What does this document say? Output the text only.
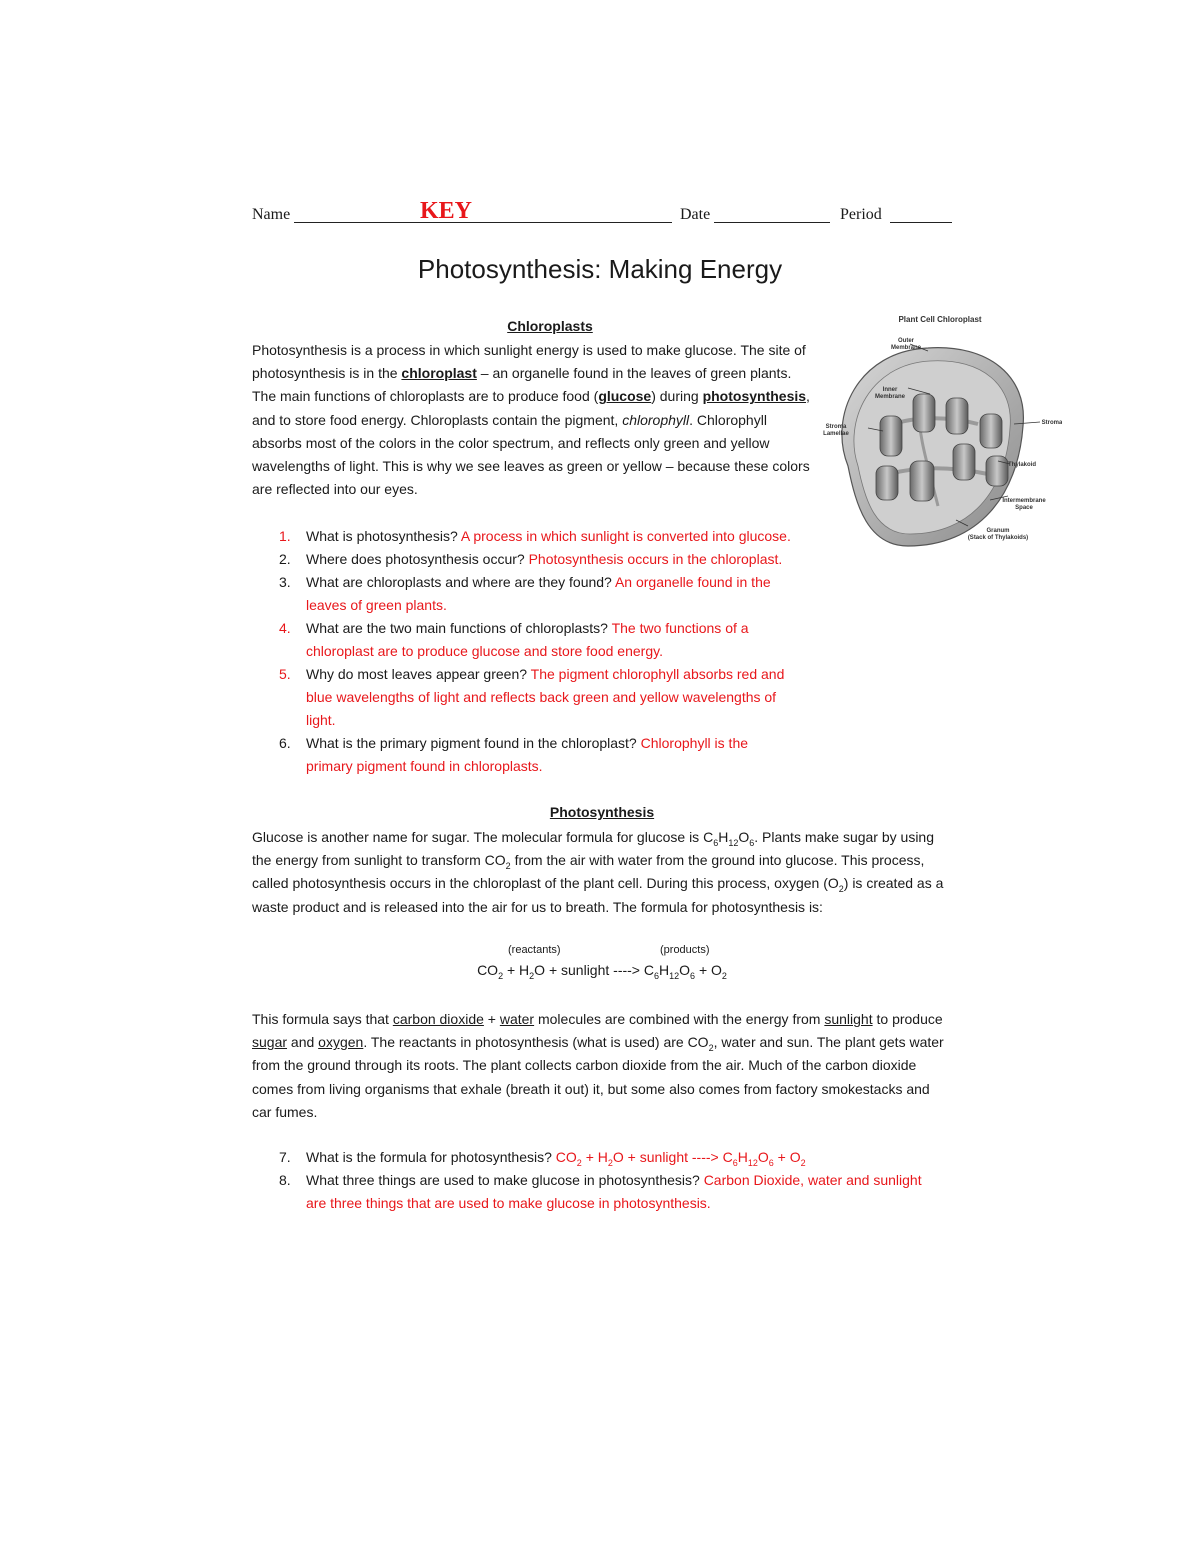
Name	KEY	Date	Period
Photosynthesis: Making Energy
Chloroplasts
Photosynthesis is a process in which sunlight energy is used to make glucose. The site of photosynthesis is in the chloroplast – an organelle found in the leaves of green plants. The main functions of chloroplasts are to produce food (glucose) during photosynthesis, and to store food energy. Chloroplasts contain the pigment, chlorophyll. Chlorophyll absorbs most of the colors in the color spectrum, and reflects only green and yellow wavelengths of light. This is why we see leaves as green or yellow – because these colors are reflected into our eyes.
Plant Cell Chloroplast
Outer
Membrane
Inner
Membrane
Stroma
Lamellae
Stroma
Thylakoid
Intermembrane
Space
Granum
(Stack of Thylakoids)
1. What is photosynthesis? A process in which sunlight is converted into glucose.
2. Where does photosynthesis occur? Photosynthesis occurs in the chloroplast.
3. What are chloroplasts and where are they found? An organelle found in the leaves of green plants.
4. What are the two main functions of chloroplasts? The two functions of a chloroplast are to produce glucose and store food energy.
5. Why do most leaves appear green? The pigment chlorophyll absorbs red and blue wavelengths of light and reflects back green and yellow wavelengths of light.
6. What is the primary pigment found in the chloroplast? Chlorophyll is the primary pigment found in chloroplasts.
Photosynthesis
Glucose is another name for sugar. The molecular formula for glucose is $C_6H_{12}O_6$. Plants make sugar by using the energy from sunlight to transform $CO_2$ from the air with water from the ground into glucose. This process, called photosynthesis occurs in the chloroplast of the plant cell. During this process, oxygen $(O_2)$ is created as a waste product and is released into the air for us to breath. The formula for photosynthesis is:
(reactants)	(products)
$CO_2 + H_2O$ + sunlight ----> $C_6H_{12}O_6 + O_2$
This formula says that carbon dioxide + water molecules are combined with the energy from sunlight to produce sugar and oxygen. The reactants in photosynthesis (what is used) are $CO_2$, water and sun. The plant gets water from the ground through its roots. The plant collects carbon dioxide from the air. Much of the carbon dioxide comes from living organisms that exhale (breath it out) it, but some also comes from factory smokestacks and car fumes.
7. What is the formula for photosynthesis? $CO_2 + H_2O$ + sunlight ----> $C_6H_{12}O_6 + O_2$
8. What three things are used to make glucose in photosynthesis? Carbon Dioxide, water and sunlight are three things that are used to make glucose in photosynthesis.
